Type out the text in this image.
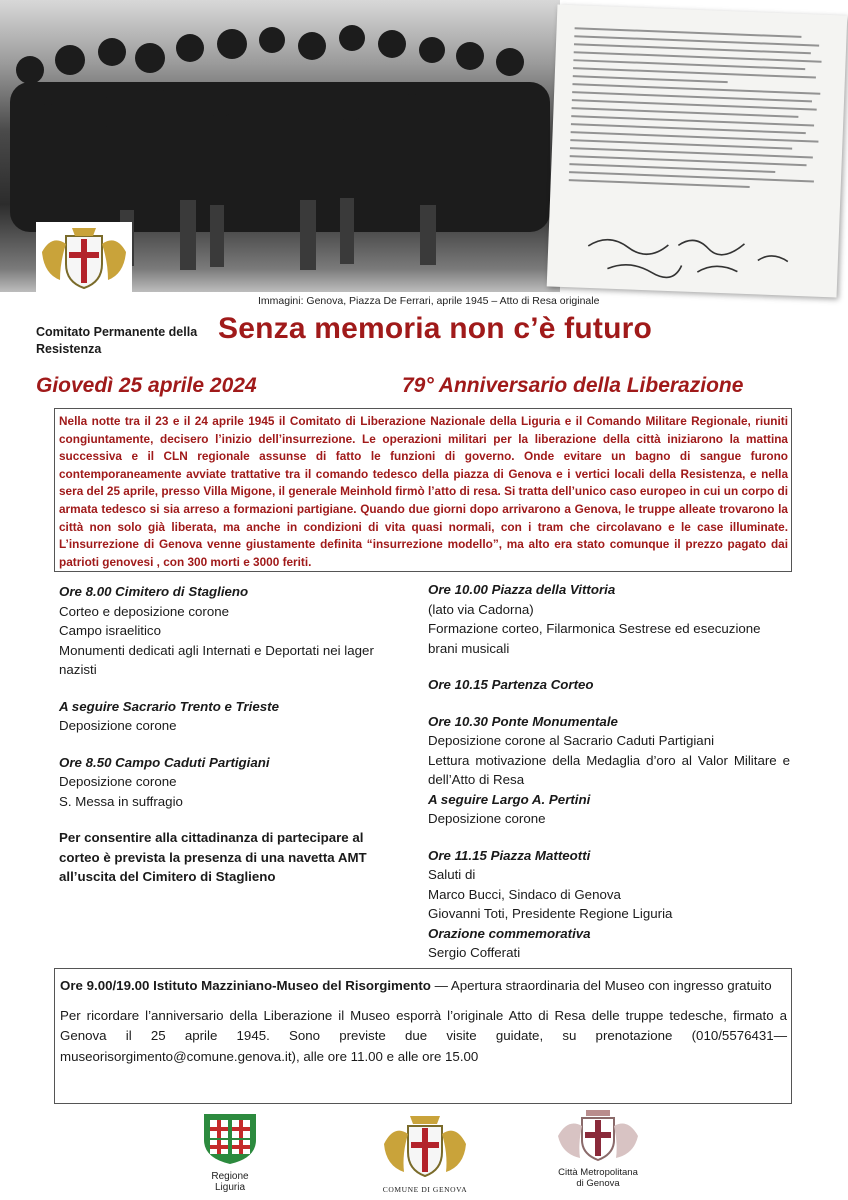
Immagini: Genova, Piazza De Ferrari, aprile 1945 – Atto di Resa originale
Comitato Permanente della Resistenza
Senza memoria non c’è futuro
Giovedì 25 aprile 2024	79° Anniversario della Liberazione

Nella notte tra il 23 e il 24 aprile 1945 il Comitato di Liberazione Nazionale della Liguria e il Comando Militare Regionale, riuniti congiuntamente, decisero l’inizio dell’insurrezione. Le operazioni militari per la liberazione della città iniziarono la mattina successiva e il CLN regionale assunse di fatto le funzioni di governo. Onde evitare un bagno di sangue furono contemporaneamente avviate trattative tra il comando tedesco della piazza di Genova e i vertici locali della Resistenza, e nella sera del 25 aprile, presso Villa Migone, il generale Meinhold firmò l’atto di resa. Si tratta dell’unico caso europeo in cui un corpo di armata tedesco si sia arreso a formazioni partigiane. Quando due giorni dopo arrivarono a Genova, le truppe alleate trovarono la città non solo già liberata, ma anche in condizioni di vita quasi normali, con i tram che circolavano e le case illuminate. L’insurrezione di Genova venne giustamente definita “insurrezione modello”, ma alto era stato comunque il prezzo pagato dai patrioti genovesi , con 300 morti e 3000 feriti.

Ore 8.00 Cimitero di Staglieno

Corteo e deposizione corone

Campo israelitico

Monumenti dedicati agli Internati e Deportati nei lager nazisti

A seguire Sacrario Trento e Trieste

Deposizione corone

Ore 8.50 Campo Caduti Partigiani

Deposizione corone

S. Messa in suffragio

Per consentire alla cittadinanza di partecipare al corteo è prevista la presenza di una navetta AMT all’uscita del Cimitero di Staglieno

Ore 10.00 Piazza della Vittoria

(lato via Cadorna)

Formazione corteo, Filarmonica Sestrese ed esecuzione brani musicali

Ore 10.15 Partenza Corteo

Ore 10.30 Ponte Monumentale

Deposizione corone al Sacrario Caduti Partigiani

Lettura motivazione della Medaglia d’oro al Valor Militare e dell’Atto di Resa

A seguire Largo A. Pertini

Deposizione corone

Ore 11.15 Piazza Matteotti

Saluti di

Marco Bucci, Sindaco di Genova

Giovanni Toti, Presidente Regione Liguria

Orazione commemorativa

Sergio Cofferati

Ore 9.00/19.00 Istituto Mazziniano-Museo del Risorgimento — Apertura straordinaria del Museo con ingresso gratuito

Per ricordare l’anniversario della Liberazione il Museo esporrà l’originale Atto di Resa delle truppe tedesche, firmato a Genova il 25 aprile 1945. Sono previste due visite guidate, su prenotazione (010/5576431—museorisorgimento@comune.genova.it), alle ore 11.00 e alle ore 15.00

Regione Liguria	COMUNE DI GENOVA
Città Metropolitana
di Genova
